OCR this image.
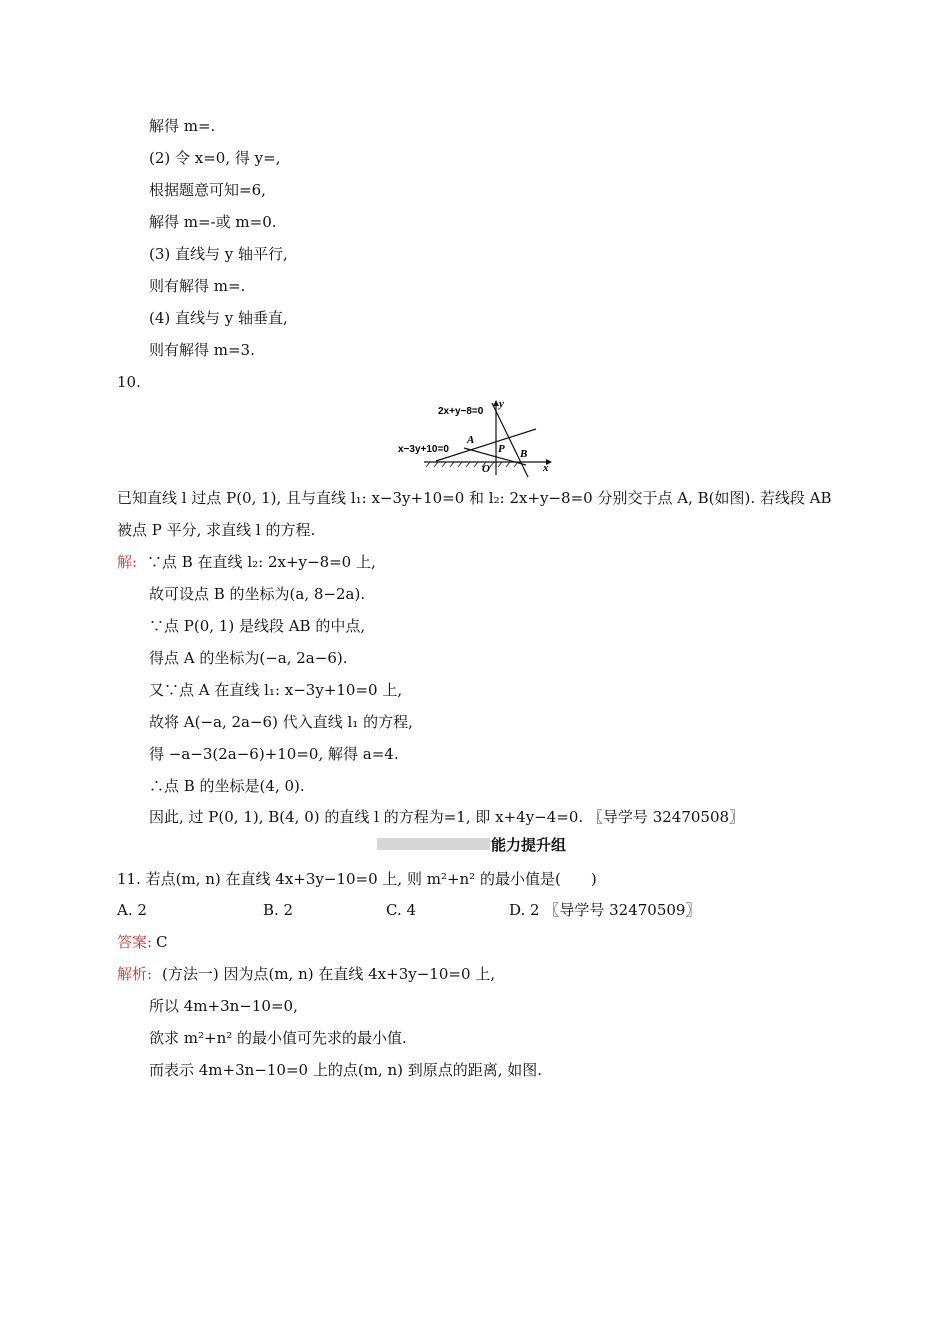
解得 m=.
(2) 令 x=0, 得 y=,
根据题意可知=6,
解得 m=-或 m=0.
(3) 直线与 y 轴平行,
则有解得 m=.
(4) 直线与 y 轴垂直,
则有解得 m=3.
10.
2x+y−8=0
y
x−3y+10=0
A
P B
O	x
已知直线 l 过点 P(0, 1), 且与直线 l₁: x−3y+10=0 和 l₂: 2x+y−8=0 分别交于点 A, B(如图). 若线段 AB
被点 P 平分, 求直线 l 的方程.
解: ∵点 B 在直线 l₂: 2x+y−8=0 上,
故可设点 B 的坐标为(a, 8−2a).
∵点 P(0, 1) 是线段 AB 的中点,
得点 A 的坐标为(−a, 2a−6).
又∵点 A 在直线 l₁: x−3y+10=0 上,
故将 A(−a, 2a−6) 代入直线 l₁ 的方程,
得 −a−3(2a−6)+10=0, 解得 a=4.
∴点 B 的坐标是(4, 0).
因此, 过 P(0, 1), B(4, 0) 的直线 l 的方程为=1, 即 x+4y−4=0. 〖导学号 32470508〗
能力提升组
11. 若点(m, n) 在直线 4x+3y−10=0 上, 则 m²+n² 的最小值是(　　)
A. 2	B. 2	C. 4	D. 2 〖导学号 32470509〗
答案: C
解析: (方法一) 因为点(m, n) 在直线 4x+3y−10=0 上,
所以 4m+3n−10=0,
欲求 m²+n² 的最小值可先求的最小值.
而表示 4m+3n−10=0 上的点(m, n) 到原点的距离, 如图.
